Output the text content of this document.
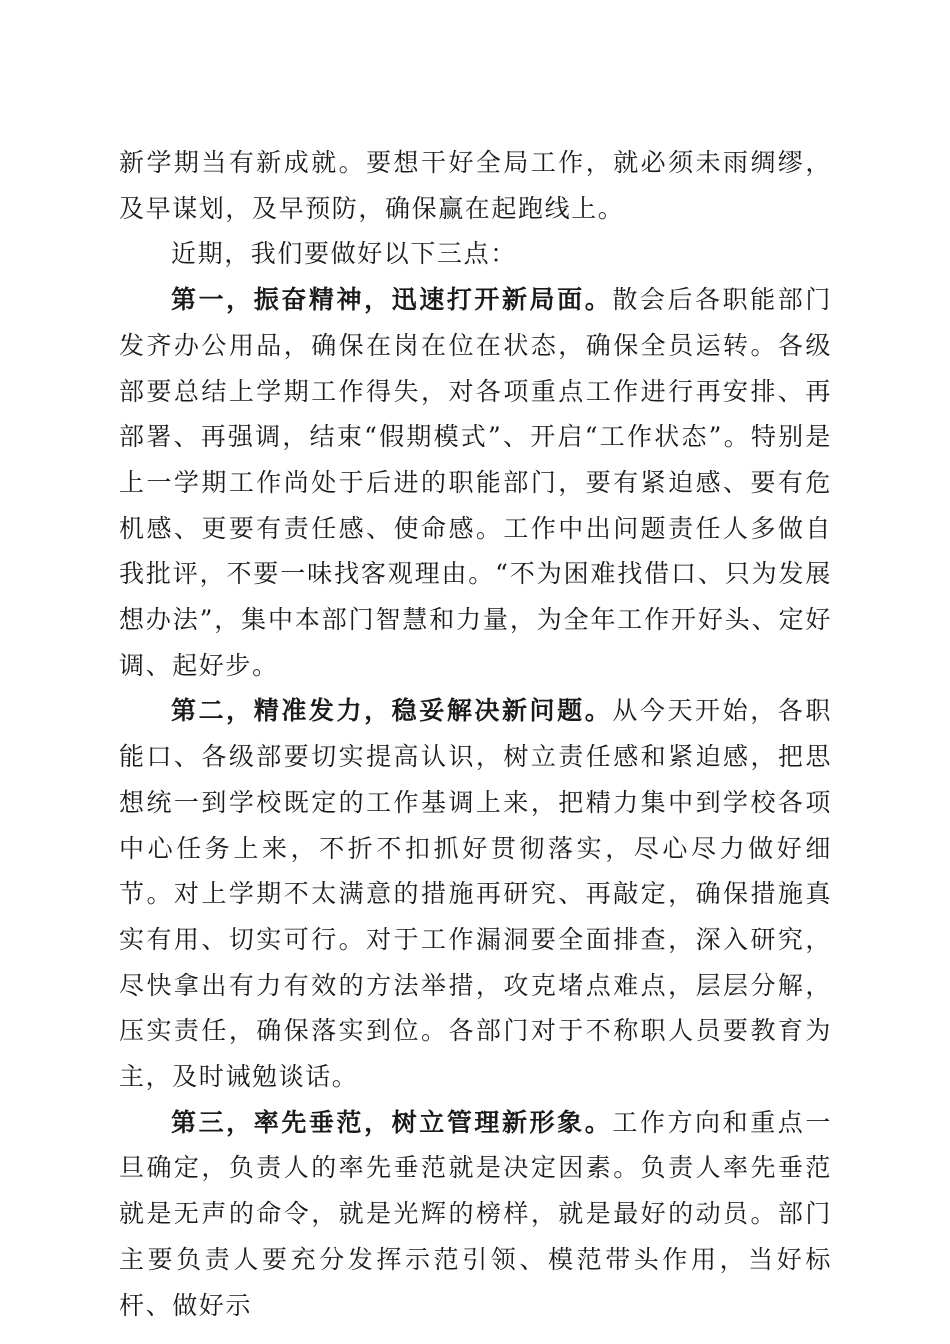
新学期当有新成就。要想干好全局工作，就必须未雨绸缪，及早谋划，及早预防，确保赢在起跑线上。

近期，我们要做好以下三点：

第一，振奋精神，迅速打开新局面。散会后各职能部门发齐办公用品，确保在岗在位在状态，确保全员运转。各级部要总结上学期工作得失，对各项重点工作进行再安排、再部署、再强调，结束“假期模式”、开启“工作状态”。特别是上一学期工作尚处于后进的职能部门，要有紧迫感、要有危机感、更要有责任感、使命感。工作中出问题责任人多做自我批评，不要一味找客观理由。“不为困难找借口、只为发展想办法”，集中本部门智慧和力量，为全年工作开好头、定好调、起好步。

第二，精准发力，稳妥解决新问题。从今天开始，各职能口、各级部要切实提高认识，树立责任感和紧迫感，把思想统一到学校既定的工作基调上来，把精力集中到学校各项中心任务上来，不折不扣抓好贯彻落实，尽心尽力做好细节。对上学期不太满意的措施再研究、再敲定，确保措施真实有用、切实可行。对于工作漏洞要全面排查，深入研究，尽快拿出有力有效的方法举措，攻克堵点难点，层层分解，压实责任，确保落实到位。各部门对于不称职人员要教育为主，及时诫勉谈话。

第三，率先垂范，树立管理新形象。工作方向和重点一旦确定，负责人的率先垂范就是决定因素。负责人率先垂范就是无声的命令，就是光辉的榜样，就是最好的动员。部门主要负责人要充分发挥示范引领、模范带头作用，当好标杆、做好示
